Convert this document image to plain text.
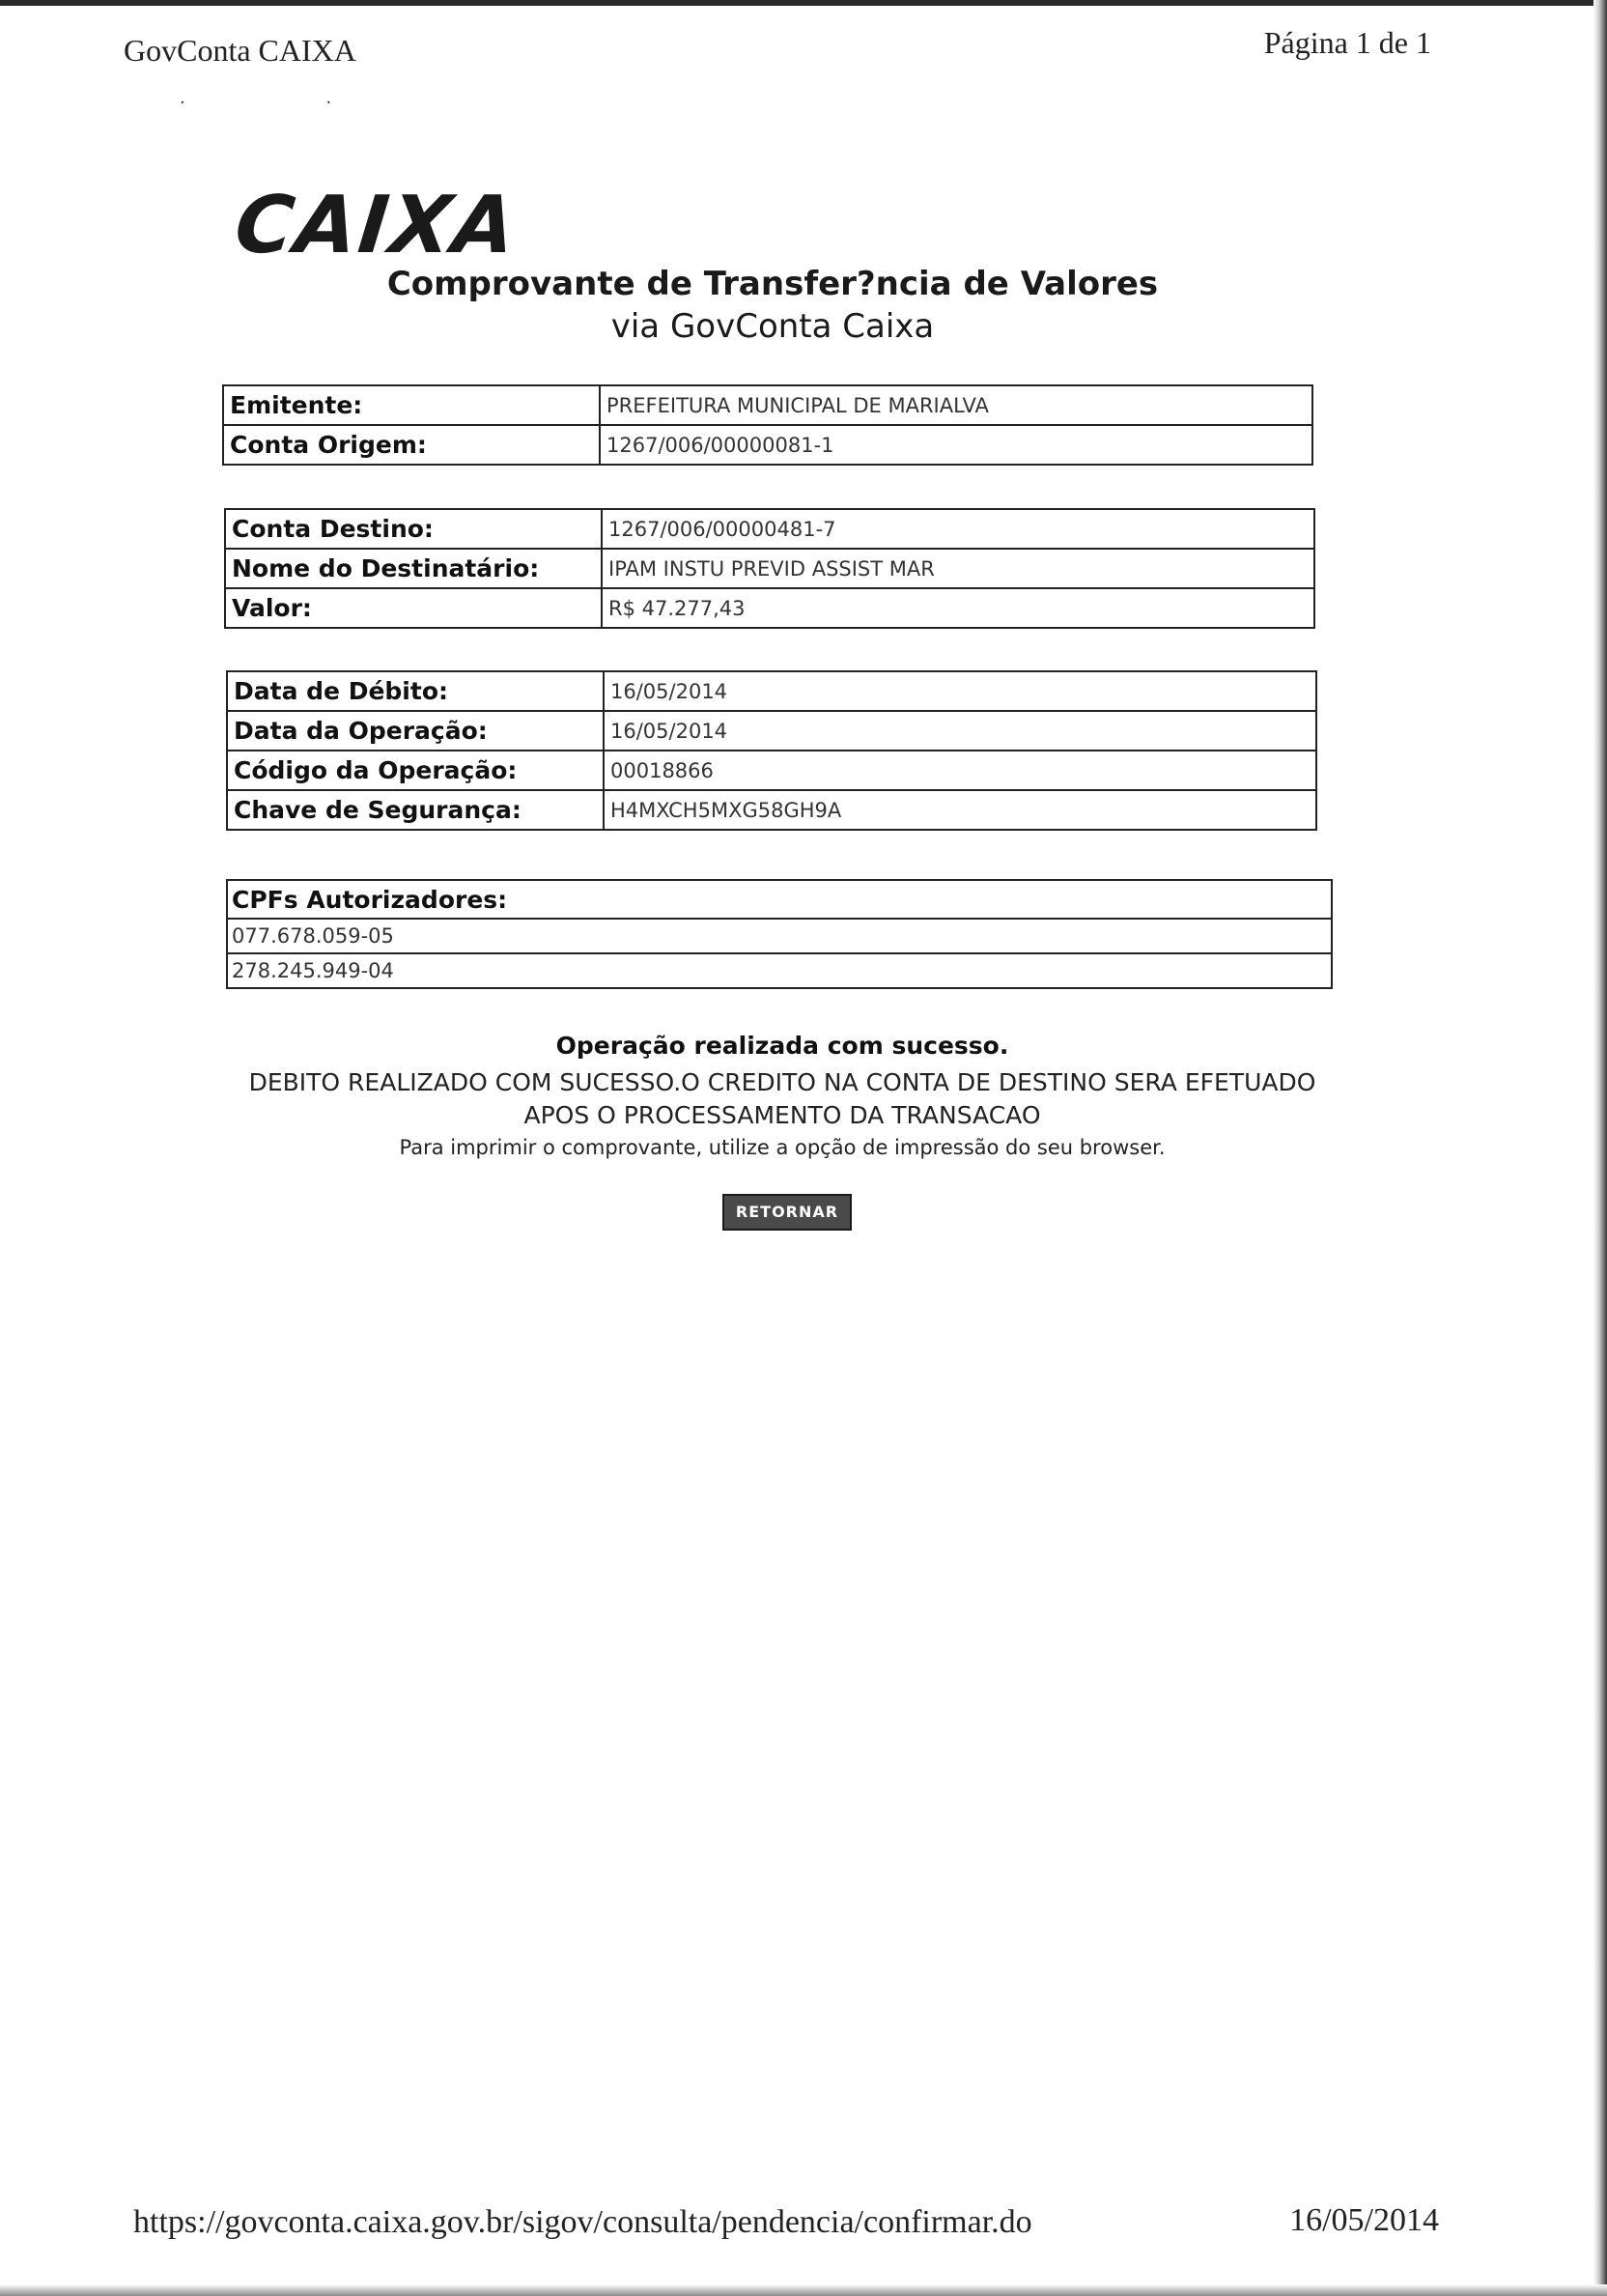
GovConta CAIXA	Página 1 de 1
· ·
CAIXA
Comprovante de Transfer?ncia de Valores
via GovConta Caixa
Emitente:	PREFEITURA MUNICIPAL DE MARIALVA
Conta Origem:	1267/006/00000081-1
Conta Destino:	1267/006/00000481-7
Nome do Destinatário:	IPAM INSTU PREVID ASSIST MAR
Valor:	R$ 47.277,43
Data de Débito:	16/05/2014
Data da Operação:	16/05/2014
Código da Operação:	00018866
Chave de Segurança:	H4MXCH5MXG58GH9A
CPFs Autorizadores:
077.678.059-05
278.245.949-04
Operação realizada com sucesso.
DEBITO REALIZADO COM SUCESSO.O CREDITO NA CONTA DE DESTINO SERA EFETUADO
APOS O PROCESSAMENTO DA TRANSACAO
Para imprimir o comprovante, utilize a opção de impressão do seu browser.
RETORNAR
https://govconta.caixa.gov.br/sigov/consulta/pendencia/confirmar.do	16/05/2014
